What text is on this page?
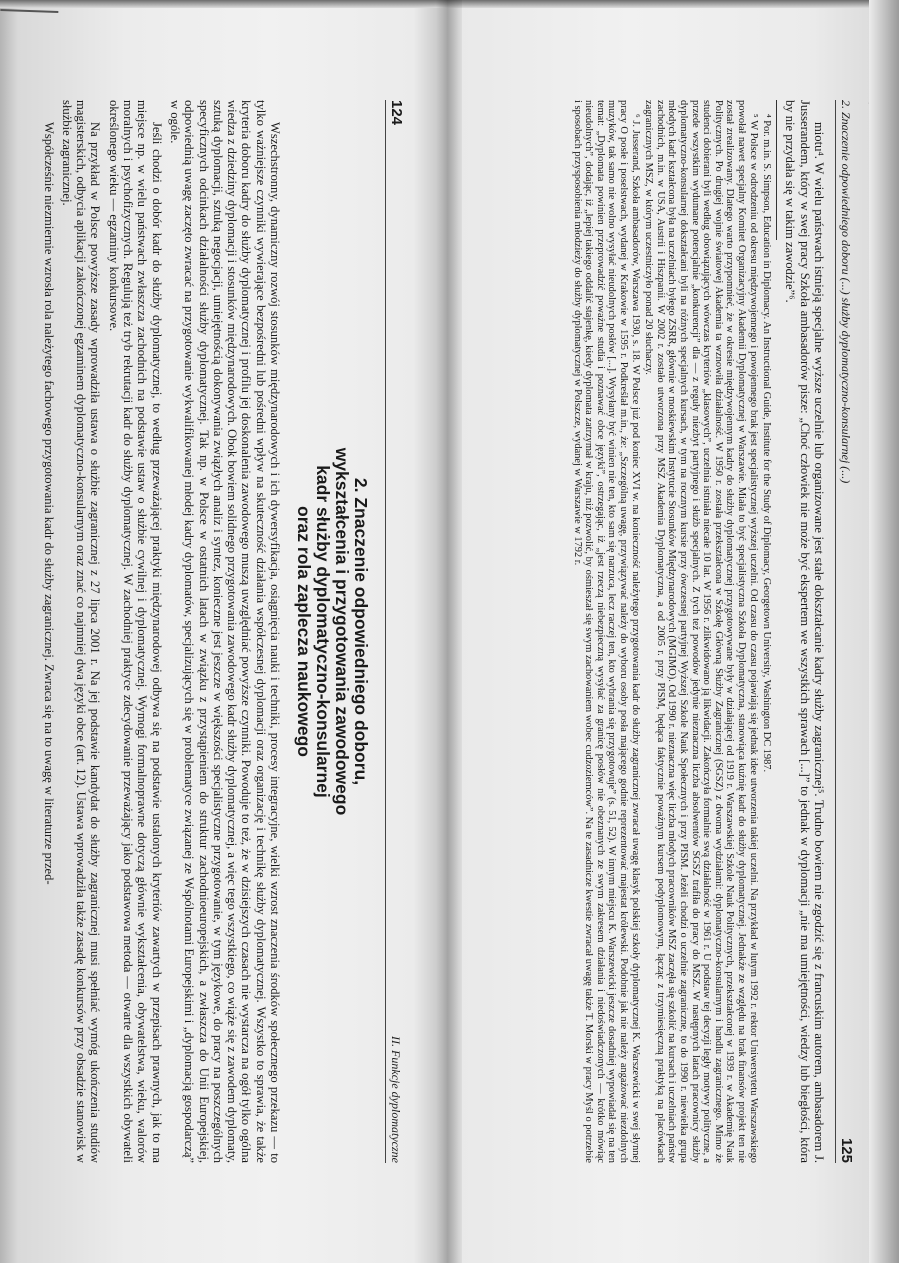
124
II. Funkcje dyplomatyczne
2. Znaczenie odpowiedniego doboru,
wykształcenia i przygotowania zawodowego
kadr służby dyplomatyczno-konsularnej
oraz rola zaplecza naukowego

Wszechstronny, dynamiczny rozwój stosunków międzynarodowych i ich dywersyfikacja, osiągnięcia nauki i techniki, procesy integracyjne, wielki wzrost znaczenia środków społecznego przekazu — to tylko ważniejsze czynniki wywierające bezpośredni lub pośredni wpływ na skuteczność działania współczesnej dyplomacji oraz organizację i technikę służby dyplomatycznej. Wszystko to sprawia, że także kryteria doboru kadry do służby dyplomatycznej i profilu jej doskonalenia zawodowego muszą uwzględniać powyższe czynniki. Powoduje to też, że w dzisiejszych czasach nie wystarcza na ogół tylko ogólna wiedza z dziedziny dyplomacji i stosunków międzynarodowych. Obok bowiem solidnego przygotowania zawodowego kadr służby dyplomatycznej, a więc tego wszystkiego, co wiąże się z zawodem dyplomaty, sztuką dyplomacji, sztuką negocjacji, umiejętnością dokonywania związłych analiz i syntez, konieczne jest jeszcze w większości specjalistyczne przygotowanie, w tym językowe, do pracy na poszczególnych specyficznych odcinkach działalności służby dyplomatycznej. Tak np. w Polsce w ostatnich latach w związku z przystąpieniem do struktur zachodnioeuropejskich, a zwłaszcza do Unii Europejskiej, odpowiednią uwagę zaczęto zwracać na przygotowanie wykwalifikowanej młodej kadry dyplomatów, specjalizujących się w problematyce związanej ze Wspólnotami Europejskimi i „dyplomacją gospodarczą” w ogóle.

Jeśli chodzi o dobór kadr do służby dyplomatycznej, to według przeważającej praktyki międzynarodowej odbywa się na podstawie ustalonych kryteriów zawartych w przepisach prawnych, jak to ma miejsce np. w wielu państwach zwłaszcza zachodnich na podstawie ustaw o służbie cywilnej i dyplomatycznej. Wymogi formalnoprawne dotyczą głównie wykształcenia, obywatelstwa, wieku, walorów moralnych i psychofizycznych. Regulują też tryb rekrutacji kadr do służby dyplomatycznej. W zachodniej praktyce zdecydowanie przeważający jako podstawowa metoda — otwarte dla wszystkich obywateli określonego wieku — egzaminy konkursowe.

Na przykład w Polsce powyższe zasady wprowadziła ustawa o służbie zagranicznej z 27 lipca 2001 r. Na jej podstawie kandydat do służby zagranicznej musi spełniać wymóg ukończenia studiów magisterskich, odbycia aplikacji zakończonej egzaminem dyplomatyczno-konsularnym oraz znać co najmniej dwa języki obce (art. 12). Ustawa wprowadziła także zasadę konkursów przy obsadzie stanowisk w służbie zagranicznej.

Współcześnie niezmiernie wzrosła rola należytego fachowego przygotowania kadr do służby zagranicznej. Zwraca się na to uwagę w literaturze przed-	2. Znaczenie odpowiedniego doboru (...) służby dyplomatyczno-konsularnej (...)
125

miotu⁴. W wielu państwach istnieją specjalne wyższe uczelnie lub organizowane jest stałe dokształcanie kadry służby zagranicznej⁵. Trudno bowiem nie zgodzić się z francuskim autorem, ambasadorem J. Jusserandem, który w swej pracy Szkoła ambasadorów pisze: „Choć człowiek nie może być ekspertem we wszystkich sprawach [...]” to jednak w dyplomacji „nie ma umiejętności, wiedzy lub biegłości, która by nie przydała się w takim zawodzie”⁶.

⁴ Por. m.in. S. Simpson, Education in Diplomacy. An Instructional Guide, Institute for the Study of Diplomacy, Georgetown University, Washington DC 1987.

⁵ W Polsce w odrodzeniu od okresu międzywojennego i powojennego brak jest specjalistycznej wyższej uczelni. Od czasu do czasu pojawiają się jednak idee utworzenia takiej uczelni. Na przykład w lutym 1992 r. rektor Uniwersytetu Warszawskiego powołał nawet specjalny Komitet Organizacyjny Akademii Dyplomatycznej w Warszawie. Miała to być specjalistyczna Szkoła Dyplomatyczna, stanowiąca kuźnię kadr do służby dyplomatycznej. Jednakże ze względu na brak finansów projekt ten nie został zrealizowany. Dlatego warto przypomnieć, że w okresie międzywojennym kadry do służby dyplomatycznej przygotowywane były w działającej od 1919 r. Warszawskiej Szkole Nauk Politycznych, przekształconej w 1939 r. w Akademię Nauk Politycznych. Po drugiej wojnie światowej Akademia ta wznowiła działalność. W 1950 r. została przekształcona w Szkołę Główną Służby Zagranicznej (SGSZ) z dwoma wydziałami: dyplomatyczno-konsularnym i handlu zagranicznego. Mimo że studenci dobierani byli według obowiązujących wówczas kryteriów „klasowych”, uczelnia istniała niecałe 10 lat. W 1956 r. zlikwidowano ją likwidacji. Zakończyła formalnie swą działalność w 1961 r. U podstaw tej decyzji legły motywy polityczne, a przede wszystkim wydumane potencjalnie „konkurencji” dla — z reguły niezbyt partyjnego i służb specjalnych. Z tych też powodów jedynie nieznaczna liczba absolwentów SGSZ trafiła do pracy do MSZ. W następnych latach pracownicy służby dyplomatyczno-konsularnej dokształcani byli na różnych specjalnych kursach, w tym na rocznym kursie przy ówczesnej partyjnej Wyższej Szkole Nauk Społecznych i przy PISM. Jeżeli chodzi o uczelnie zagraniczne, to do 1990 r. niewielka grupa młodych kadr kształcona była na uczelniach byłego ZSRR, głównie w moskiewskim Instytucie Stosunków Międzynarodowych (MGIMO). Od 1990 r. nieznaczna więc liczba młodych pracowników MSZ zaczęła się szkolić na kursach i uczelniach państw zachodnich, m.in. w USA, Austrii i Hiszpanii. W 2002 r. zostało utworzona przy MSZ Akademia Dyplomatyczna, a od 2005 r. przy PISM, będąca faktycznie poważnym kursem podyplomowym, łącząc z trzymiesięczną praktyką na placówkach zagranicznych MSZ, w którym uczestniczyło ponad 20 słuchaczy.

⁶ J. Jusserand, Szkoła ambasadorów, Warszawa 1930, s. 18. W Polsce już pod koniec XVI w. na konieczność należytego przygotowania kadr do służby zagranicznej zwracał uwagę klasyk polskiej szkoły dyplomatycznej K. Warszewicki w swej słynnej pracy O posłe i poselstwach, wydanej w Krakowie w 1595 r. Podkreślał m.in., że: „Szczególną uwagę, przywiązywać należy do wyboru osoby posła mającego godnie reprezentować majestat królewski. Podobnie jak nie należy angażować niezdolnych muzyków, tak samo nie wolno wysyłać nieudolnych posłów [...]. Wysyłany być winien nie ten, kto sam się narzuca, lecz raczej ten, kto wybrania się przygotowuje” (s. 51, 52). W innym miejscu K. Warszewicki jeszcze dosadniej wypowiadał się na ten temat: „Dyplomata powinien przeprowadzić poważne studia i poznawać obce języki”, ostrzegając, iż „jest rzeczą niebezpieczną wysyłać za granicę posłów nie obeznanych ze swym zakresem działania i niedoświadczonych — krótko mówiąc nieudolnych”, dodając, iż „lepiej takiego oddalić stajenkę, kiedy dyplomata zatrzymał w kraju, niż pozwolić, by ośmieszał się swym zachowaniem wobec cudzoziemców”. Na te zasadnicze kwestie zwracał uwagę także T. Morski w pracy Myśl o potrzebie i sposobach przysposobienia młodzieży do służby dyplomatycznej w Polszcze, wydanej w Warszawie w 1792 r.
